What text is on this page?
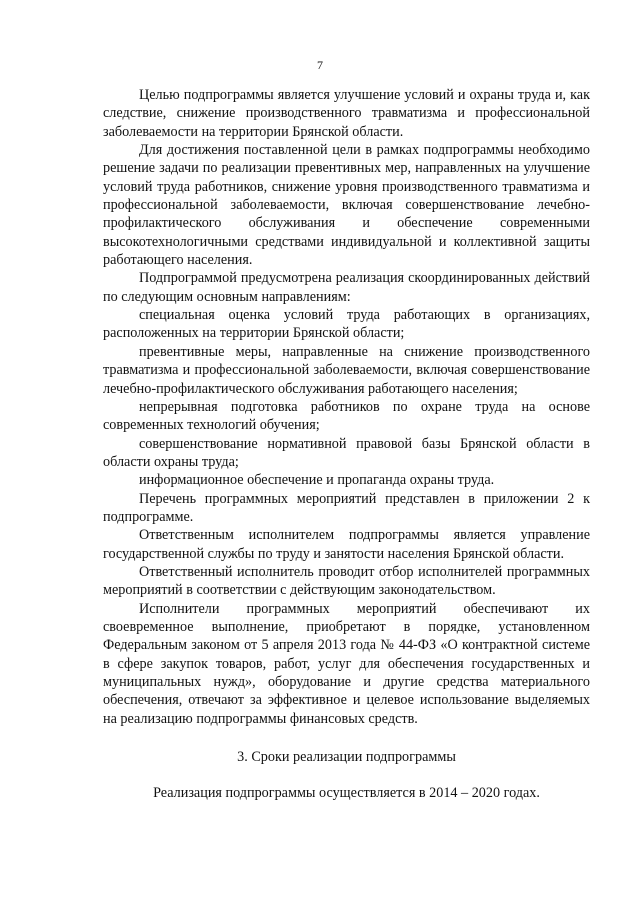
7

Целью подпрограммы является улучшение условий и охраны труда и, как следствие, снижение производственного травматизма и профессиональной заболеваемости на территории Брянской области.

Для достижения поставленной цели в рамках подпрограммы необходимо решение задачи по реализации превентивных мер, направленных на улучшение условий труда работников, снижение уровня производственного травматизма и профессиональной заболеваемости, включая совершенствование лечебно-профилактического обслуживания и обеспечение современными высокотехнологичными средствами индивидуальной и коллективной защиты работающего населения.

Подпрограммой предусмотрена реализация скоординированных действий по следующим основным направлениям:

специальная оценка условий труда работающих в организациях, расположенных на территории Брянской области;

превентивные меры, направленные на снижение производственного травматизма и профессиональной заболеваемости, включая совершенствование лечебно-профилактического обслуживания работающего населения;

непрерывная подготовка работников по охране труда на основе современных технологий обучения;

совершенствование нормативной правовой базы Брянской области в области охраны труда;

информационное обеспечение и пропаганда охраны труда.

Перечень программных мероприятий представлен в приложении 2 к подпрограмме.

Ответственным исполнителем подпрограммы является управление государственной службы по труду и занятости населения Брянской области.

Ответственный исполнитель проводит отбор исполнителей программных мероприятий в соответствии с действующим законодательством.

Исполнители программных мероприятий обеспечивают их своевременное выполнение, приобретают в порядке, установленном Федеральным законом от 5 апреля 2013 года № 44-ФЗ «О контрактной системе в сфере закупок товаров, работ, услуг для обеспечения государственных и муниципальных нужд», оборудование и другие средства материального обеспечения, отвечают за эффективное и целевое использование выделяемых на реализацию подпрограммы финансовых средств.

3. Сроки реализации подпрограммы

Реализация подпрограммы осуществляется в 2014 – 2020 годах.
